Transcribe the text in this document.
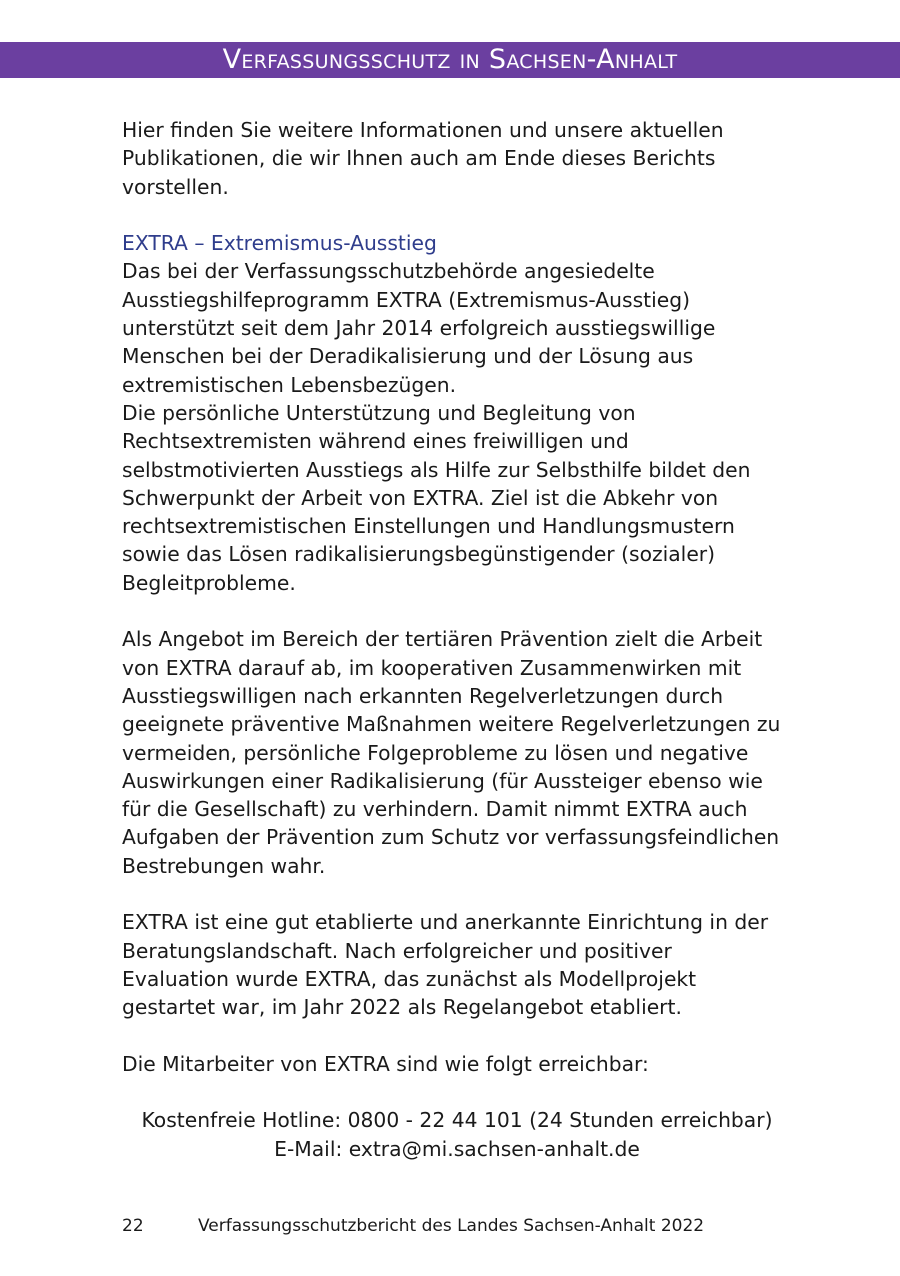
Verfassungsschutz in Sachsen-Anhalt

Hier finden Sie weitere Informationen und unsere aktuellen Publikationen, die wir Ihnen auch am Ende dieses Berichts vorstellen.

EXTRA – Extremismus-Ausstieg

Das bei der Verfassungsschutzbehörde angesiedelte Ausstiegshilfeprogramm EXTRA (Extremismus-Ausstieg) unterstützt seit dem Jahr 2014 erfolgreich ausstiegswillige Menschen bei der Deradikalisierung und der Lösung aus extremistischen Lebensbezügen.

Die persönliche Unterstützung und Begleitung von Rechtsextremisten während eines freiwilligen und selbstmotivierten Ausstiegs als Hilfe zur Selbsthilfe bildet den Schwerpunkt der Arbeit von EXTRA. Ziel ist die Abkehr von rechtsextremistischen Einstellungen und Handlungsmustern sowie das Lösen radikalisierungsbegünstigender (sozialer) Begleitprobleme.

Als Angebot im Bereich der tertiären Prävention zielt die Arbeit von EXTRA darauf ab, im kooperativen Zusammenwirken mit Ausstiegswilligen nach erkannten Regelverletzungen durch geeignete präventive Maßnahmen weitere Regelverletzungen zu vermeiden, persönliche Folgeprobleme zu lösen und negative Auswirkungen einer Radikalisierung (für Aussteiger ebenso wie für die Gesellschaft) zu verhindern. Damit nimmt EXTRA auch Aufgaben der Prävention zum Schutz vor verfassungsfeindlichen Bestrebungen wahr.

EXTRA ist eine gut etablierte und anerkannte Einrichtung in der Beratungslandschaft. Nach erfolgreicher und positiver Evaluation wurde EXTRA, das zunächst als Modellprojekt gestartet war, im Jahr 2022 als Regelangebot etabliert.

Die Mitarbeiter von EXTRA sind wie folgt erreichbar:

Kostenfreie Hotline: 0800 - 22 44 101 (24 Stunden erreichbar)

E-Mail: extra@mi.sachsen-anhalt.de

22	Verfassungsschutzbericht des Landes Sachsen-Anhalt 2022
